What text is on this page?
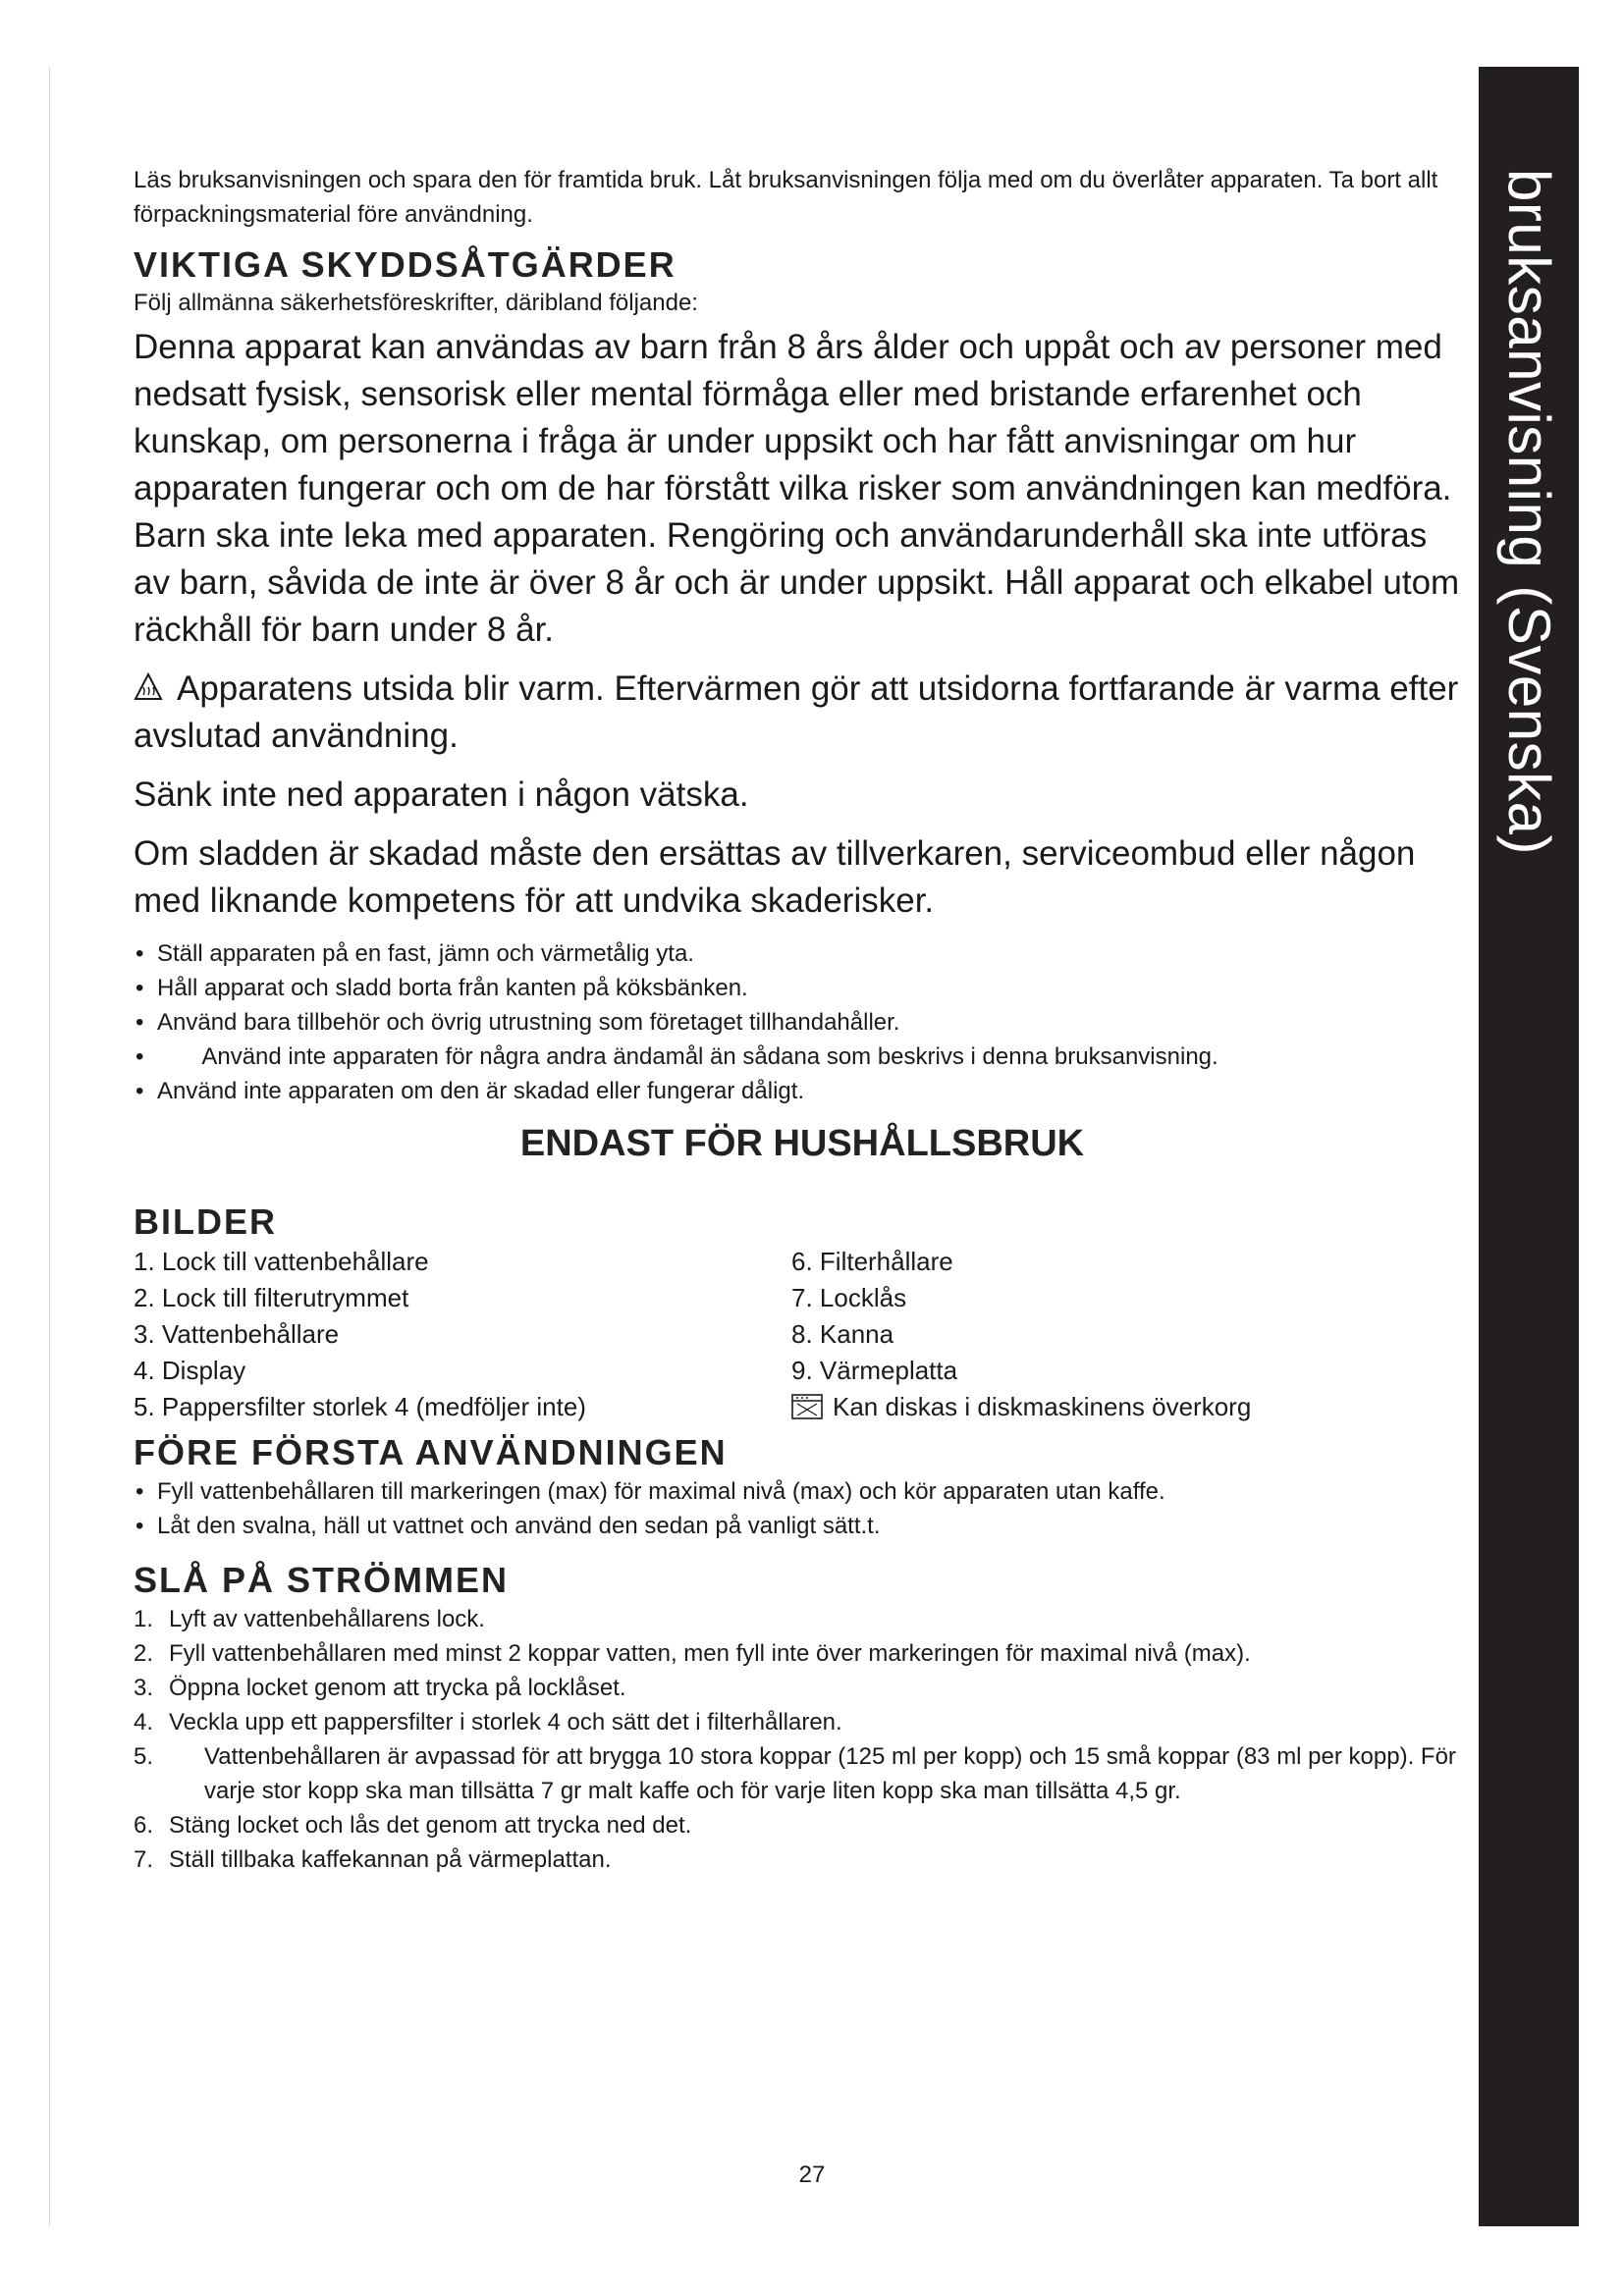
bruksanvisning (Svenska)

Läs bruksanvisningen och spara den för framtida bruk. Låt bruksanvisningen följa med om du överlåter apparaten. Ta bort allt förpackningsmaterial före användning.

VIKTIGA SKYDDSÅTGÄRDER

Följ allmänna säkerhetsföreskrifter, däribland följande:

Denna apparat kan användas av barn från 8 års ålder och uppåt och av personer med nedsatt fysisk, sensorisk eller mental förmåga eller med bristande erfarenhet och kunskap, om personerna i fråga är under uppsikt och har fått anvisningar om hur apparaten fungerar och om de har förstått vilka risker som användningen kan medföra. Barn ska inte leka med apparaten. Rengöring och användarunderhåll ska inte utföras av barn, såvida de inte är över 8 år och är under uppsikt. Håll apparat och elkabel utom räckhåll för barn under 8 år.

Apparatens utsida blir varm. Eftervärmen gör att utsidorna fortfarande är varma efter avslutad användning.

Sänk inte ned apparaten i någon vätska.

Om sladden är skadad måste den ersättas av tillverkaren, serviceombud eller någon med liknande kompetens för att undvika skaderisker.

• Ställ apparaten på en fast, jämn och värmetålig yta.
• Håll apparat och sladd borta från kanten på köksbänken.
• Använd bara tillbehör och övrig utrustning som företaget tillhandahåller.
•        Använd inte apparaten för några andra ändamål än sådana som beskrivs i denna bruksanvisning.
• Använd inte apparaten om den är skadad eller fungerar dåligt.
ENDAST FÖR HUSHÅLLSBRUK
BILDER
1. Lock till vattenbehållare
2. Lock till filterutrymmet
3. Vattenbehållare
4. Display
5. Pappersfilter storlek 4 (medföljer inte)
6. Filterhållare
7. Locklås
8. Kanna
9. Värmeplatta
Kan diskas i diskmaskinens överkorg
FÖRE FÖRSTA ANVÄNDNINGEN
• Fyll vattenbehållaren till markeringen (max) för maximal nivå (max) och kör apparaten utan kaffe.
• Låt den svalna, häll ut vattnet och använd den sedan på vanligt sätt.t.
SLÅ PÅ STRÖMMEN
1. Lyft av vattenbehållarens lock.
2. Fyll vattenbehållaren med minst 2 koppar vatten, men fyll inte över markeringen för maximal nivå (max).
3. Öppna locket genom att trycka på locklåset.
4. Veckla upp ett pappersfilter i storlek 4 och sätt det i filterhållaren.
5. Vattenbehållaren är avpassad för att brygga 10 stora koppar (125 ml per kopp) och 15 små koppar (83 ml per kopp). För varje stor kopp ska man tillsätta 7 gr malt kaffe och för varje liten kopp ska man tillsätta 4,5 gr.
6. Stäng locket och lås det genom att trycka ned det.
7. Ställ tillbaka kaffekannan på värmeplattan.
27
